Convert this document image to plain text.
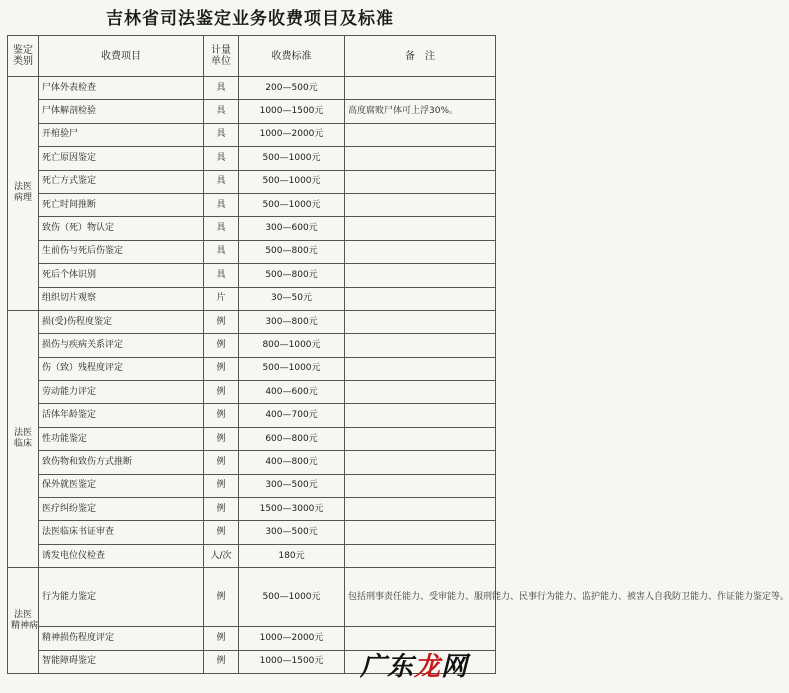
吉林省司法鉴定业务收费项目及标准
鉴定
类别	收费项目	计量
单位	收费标准	备　注

法医
病理	尸体外表检查	具	200—500元	
	尸体解剖检验	具	1000—1500元	高度腐败尸体可上浮30%。
	开棺验尸	具	1000—2000元	
	死亡原因鉴定	具	500—1000元	
	死亡方式鉴定	具	500—1000元	
	死亡时间推断	具	500—1000元	
	致伤（死）物认定	具	300—600元	
	生前伤与死后伤鉴定	具	500—800元	
	死后个体识别	具	500—800元	
	组织切片观察	片	30—50元	

法医
临床	损(受)伤程度鉴定	例	300—800元	
	损伤与疾病关系评定	例	800—1000元	
	伤（致）残程度评定	例	500—1000元	
	劳动能力评定	例	400—600元	
	活体年龄鉴定	例	400—700元	
	性功能鉴定	例	600—800元	
	致伤物和致伤方式推断	例	400—800元	
	保外就医鉴定	例	300—500元	
	医疗纠纷鉴定	例	1500—3000元	
	法医临床书证审查	例	300—500元	
	诱发电位仪检查	人/次	180元	

法医
精神病	行为能力鉴定	例	500—1000元	包括刑事责任能力、受审能力、服刑能力、民事行为能力、监护能力、被害人自我防卫能力、作证能力鉴定等。
	精神损伤程度评定	例	1000—2000元	
	智能障碍鉴定	例	1000—1500元	广东龙网
